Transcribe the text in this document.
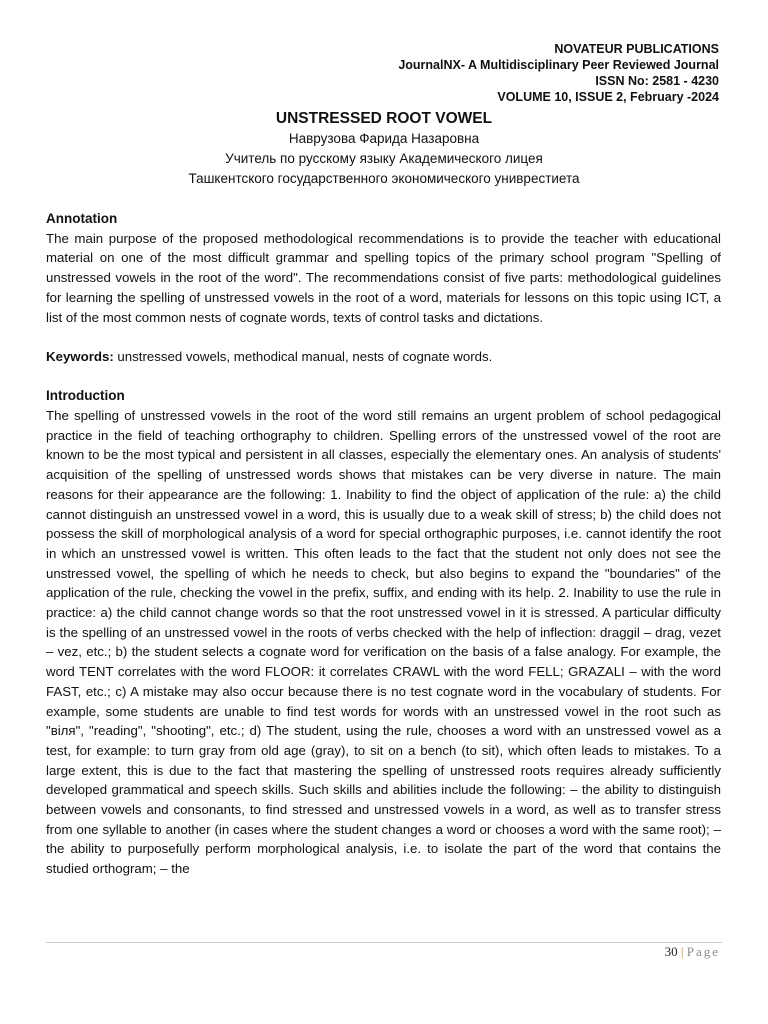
NOVATEUR PUBLICATIONS
JournalNX- A Multidisciplinary Peer Reviewed Journal
ISSN No: 2581 - 4230
VOLUME 10, ISSUE 2, February -2024

UNSTRESSED ROOT VOWEL

Наврузова Фарида Назаровна

Учитель по русскому языку Академического лицея

Ташкентского государственного экономического униврестиета

Annotation

The main purpose of the proposed methodological recommendations is to provide the teacher with educational material on one of the most difficult grammar and spelling topics of the primary school program "Spelling of unstressed vowels in the root of the word". The recommendations consist of five parts: methodological guidelines for learning the spelling of unstressed vowels in the root of a word, materials for lessons on this topic using ICT, a list of the most common nests of cognate words, texts of control tasks and dictations.

Keywords: unstressed vowels, methodical manual, nests of cognate words.

Introduction

The spelling of unstressed vowels in the root of the word still remains an urgent problem of school pedagogical practice in the field of teaching orthography to children. Spelling errors of the unstressed vowel of the root are known to be the most typical and persistent in all classes, especially the elementary ones. An analysis of students' acquisition of the spelling of unstressed words shows that mistakes can be very diverse in nature. The main reasons for their appearance are the following: 1. Inability to find the object of application of the rule: a) the child cannot distinguish an unstressed vowel in a word, this is usually due to a weak skill of stress; b) the child does not possess the skill of morphological analysis of a word for special orthographic purposes, i.e. cannot identify the root in which an unstressed vowel is written. This often leads to the fact that the student not only does not see the unstressed vowel, the spelling of which he needs to check, but also begins to expand the "boundaries" of the application of the rule, checking the vowel in the prefix, suffix, and ending with its help. 2. Inability to use the rule in practice: a) the child cannot change words so that the root unstressed vowel in it is stressed. A particular difficulty is the spelling of an unstressed vowel in the roots of verbs checked with the help of inflection: draggil – drag, vezet – vez, etc.; b) the student selects a cognate word for verification on the basis of a false analogy. For example, the word TENT correlates with the word FLOOR: it correlates CRAWL with the word FELL; GRAZALI – with the word FAST, etc.; c) A mistake may also occur because there is no test cognate word in the vocabulary of students. For example, some students are unable to find test words for words with an unstressed vowel in the root such as "віля", "reading", "shooting", etc.; d) The student, using the rule, chooses a word with an unstressed vowel as a test, for example: to turn gray from old age (gray), to sit on a bench (to sit), which often leads to mistakes. To a large extent, this is due to the fact that mastering the spelling of unstressed roots requires already sufficiently developed grammatical and speech skills. Such skills and abilities include the following: – the ability to distinguish between vowels and consonants, to find stressed and unstressed vowels in a word, as well as to transfer stress from one syllable to another (in cases where the student changes a word or chooses a word with the same root); – the ability to purposefully perform morphological analysis, i.e. to isolate the part of the word that contains the studied orthogram; – the

30 | Page
